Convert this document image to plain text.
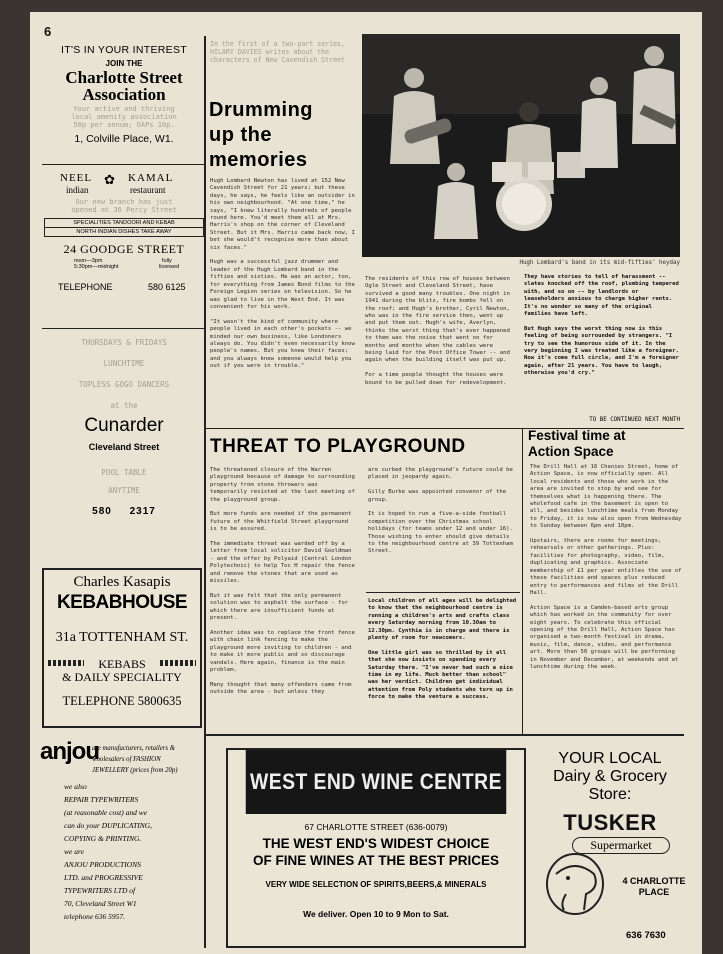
6
IT'S IN YOUR INTEREST
JOIN THE
Charlotte Street
Association
Your active and thriving
local amenity association
50p per annum; OAPs 10p.
1, Colville Place, W1.
NEEL ✿ KAMAL
indian	restaurant
Our new branch has just
opened at 36 Percy Street
SPECIALITIES TANDOORI AND KEBAB
NORTH INDIAN DISHES TAKE AWAY
24 GOODGE STREET
noon—3pm
5:30pm—midnight
fully
licensed
TELEPHONE	580 6125
THURSDAYS & FRIDAYS
LUNCHTIME
TOPLESS GOGO DANCERS
at the
Cunarder
Cleveland Street
POOL TABLE
ANYTIME
580 2317
Charles Kasapis
KEBABHOUSE
31a TOTTENHAM ST.
KEBABS
& DAILY SPECIALITY
TELEPHONE 5800635
anjou
are manufacturers, retailers &
wholesalers of FASHION
JEWELLERY (prices from 20p)
we also
REPAIR TYPEWRITERS
(at reasonable cost) and we
can do your DUPLICATING,
COPYING & PRINTING.
we are
ANJOU PRODUCTIONS
LTD. and PROGRESSIVE
TYPEWRITERS LTD of
70, Cleveland Street W1
telephone 636 5957.
In the first of a two-part series, HILARY DAVIES writes about the characters of New Cavendish Street
Drumming
up the
memories
Hugh Lombard's band in its mid-fifties' heyday
Hugh Lombard Newton has lived at 152 New Cavendish Street for 21 years; but these days, he says, he feels like an outsider in his own neighbourhood. "At one time," he says, "I knew literally hundreds of people round here. You'd meet them all at Mrs. Harris's shop on the corner of Cleveland Street. But it Mrs. Harris came back now, I bet she would't recognise more than about six faces."

Hugh was a successful jazz drummer and leader of the Hugh Lombard band in the fifties and sixties. He was an actor, too, for everything from James Bond films to the Foreign Legion series on television. So he was glad to live in the West End. It was convenient for his work.

"It wasn't the kind of community where people lived in each other's pockets -- we minded our own business, like Londoners always do. You didn't even necessarily know people's names. But you knew their faces; and you always knew someone would help you out if you were in trouble."
The residents of this row of houses between Ogle Street and Cleveland Street, have survived a good many troubles. One night in 1941 during the blitz, fire bombs fell on the roof; and Hugh's brother, Cyril Newton, who was in the fire service then, went up and put them out. Hugh's wife, Averlyn, thinks the worst thing that's ever happened to them was the noise that went on for months and months when the cables were being laid for the Post Office Tower -- and again when the building itself was put up.

For a time people thought the houses were bound to be pulled down for redevelopment.
They have stories to tell of harassment -- slates knocked off the roof, plumbing tampered with, and so on -- by landlords or leaseholders anxious to charge higher rents. It's no wonder so many of the original families have left.

But Hugh says the worst thing now is this feeling of being surrounded by strangers. "I try to see the humorous side of it. In the very beginning I was treated like a foreigner. Now it's come full circle, and I'm a foreigner again, after 21 years. You have to laugh, otherwise you'd cry."
TO BE CONTINUED NEXT MONTH
THREAT TO PLAYGROUND
The threatened closure of the Warren playground because of damage to surrounding property from stone throwers was temporarily resisted at the last meeting of the playground group.

But more funds are needed if the permanent future of the Whitfield Street playground is to be assured.

The immediate threat was warded off by a letter from local solicitor David Gooldman - and the offer by Polyaid (Central London Polytechnic) to help Toc H repair the fence and remove the stones that are used as missiles.

But it was felt that the only permanent solution was to asphalt the surface - for which there are insufficient funds at present.

Another idea was to replace the front fence with chain link fencing to make the playground more inviting to children - and to make it more public and so discourage vandals. Here again, finance is the main problem.

Many thought that many offenders came from outside the area - but unless they
are curbed the playground's future could be placed in jeopardy again.

Gilly Burke was appointed convenor of the group.

It is hoped to run a five-a-side football competition over the Christmas school holidays (for teams under 12 and under 16). Those wishing to enter should give details to the neighbourhood centre at 39 Tottenham Street.
Local children of all ages will be delighted to know that the neighbourhood centre is running a children's arts and crafts class every Saturday morning from 10.30am to 12.30pm. Cynthia is in charge and there is plenty of room for newcomers.

One little girl was so thrilled by it all that she now insists on spending every Saturday there. "I've never had such a nice time in my life. Much better than school" was her verdict. Children get individual attention from Poly students who turn up in force to make the venture a success.
Festival time at
Action Space
The Drill Hall at 16 Chenies Street, home of Action Space, is now officially open. All local residents and those who work in the area are invited to stop by and see for themselves what is happening there. The wholefood cafe in the basement is open to all, and besides lunchtime meals from Monday to Friday, it is now also open from Wednesday to Sunday between 6pm and 10pm.

Upstairs, there are rooms for meetings, rehearsals or other gatherings. Plus: facilities for photography, video, film, duplicating and graphics. Associate membership of £1 per year entitles the use of these facilities and spaces plus reduced entry to performances and films at the Drill Hall.

Action Space is a Camden-based arts group which has worked in the community for over eight years. To celebrate this official opening of the Drill Hall, Action Space has organised a two-month festival in drama, music, film, dance, video, and performance art. More than 50 groups will be performing in November and December, at weekends and at lunchtime during the week.
WEST END WINE CENTRE
67 CHARLOTTE STREET (636-0079)
THE WEST END'S WIDEST CHOICE
OF FINE WINES AT THE BEST PRICES
VERY WIDE SELECTION OF SPIRITS,BEERS,& MINERALS
We deliver. Open 10 to 9 Mon to Sat.
YOUR LOCAL
Dairy & Grocery
Store:
TUSKER
Supermarket
4 CHARLOTTE
PLACE
636 7630
